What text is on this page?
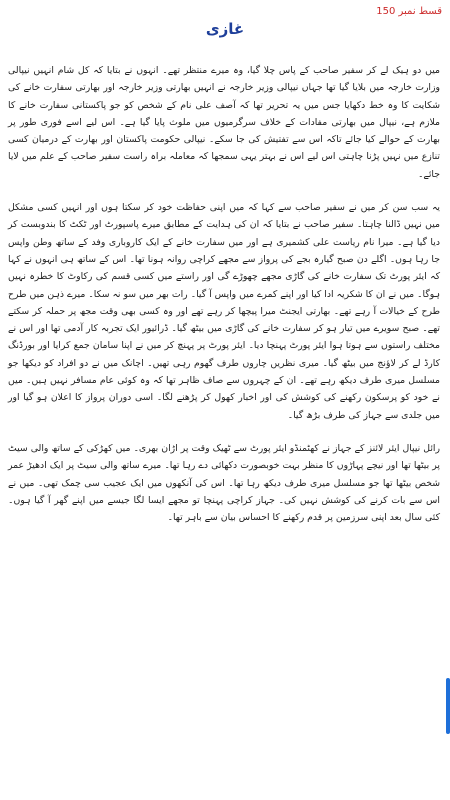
قسط نمبر 150
غازی

میں دو ہیک لے کر سفیر صاحب کے پاس چلا گیا، وہ میرے منتظر تھے۔ انہوں نے بتایا کہ کل شام انہیں نیپالی وزارت خارجہ میں بلایا گیا تھا جہاں نیپالی وزیر خارجہ نے انہیں بھارتی وزیر خارجہ اور بھارتی سفارت خانے کی شکایت کا وہ خط دکھایا جس میں یہ تحریر تھا کہ آصف علی نام کے شخص کو جو پاکستانی سفارت خانے کا ملازم ہے، نیپال میں بھارتی مفادات کے خلاف سرگرمیوں میں ملوث پایا گیا ہے۔ اس لیے اسے فوری طور پر بھارت کے حوالے کیا جائے تاکہ اس سے تفتیش کی جا سکے۔ نیپالی حکومت پاکستان اور بھارت کے درمیان کسی تنازع میں نہیں پڑنا چاہتی اس لیے اس نے بہتر یہی سمجھا کہ معاملہ براہ راست سفیر صاحب کے علم میں لایا جائے۔

یہ سب سن کر میں نے سفیر صاحب سے کہا کہ میں اپنی حفاظت خود کر سکتا ہوں اور انہیں کسی مشکل میں نہیں ڈالنا چاہتا۔ سفیر صاحب نے بتایا کہ ان کی ہدایت کے مطابق میرے پاسپورٹ اور ٹکٹ کا بندوبست کر دیا گیا ہے۔ میرا نام ریاست علی کشمیری ہے اور میں سفارت خانے کے ایک کاروباری وفد کے ساتھ وطن واپس جا رہا ہوں۔ اگلے دن صبح گیارہ بجے کی پرواز سے مجھے کراچی روانہ ہونا تھا۔ اس کے ساتھ ہی انہوں نے کہا کہ ایئر پورٹ تک سفارت خانے کی گاڑی مجھے چھوڑے گی اور راستے میں کسی قسم کی رکاوٹ کا خطرہ نہیں ہوگا۔ میں نے ان کا شکریہ ادا کیا اور اپنے کمرے میں واپس آ گیا۔ رات بھر میں سو نہ سکا۔ میرے ذہن میں طرح طرح کے خیالات آ رہے تھے۔ بھارتی ایجنٹ میرا پیچھا کر رہے تھے اور وہ کسی بھی وقت مجھ پر حملہ کر سکتے تھے۔ صبح سویرے میں تیار ہو کر سفارت خانے کی گاڑی میں بیٹھ گیا۔ ڈرائیور ایک تجربہ کار آدمی تھا اور اس نے مختلف راستوں سے ہوتا ہوا ایئر پورٹ پہنچا دیا۔ ایئر پورٹ پر پہنچ کر میں نے اپنا سامان جمع کرایا اور بورڈنگ کارڈ لے کر لاؤنج میں بیٹھ گیا۔ میری نظریں چاروں طرف گھوم رہی تھیں۔ اچانک میں نے دو افراد کو دیکھا جو مسلسل میری طرف دیکھ رہے تھے۔ ان کے چہروں سے صاف ظاہر تھا کہ وہ کوئی عام مسافر نہیں ہیں۔ میں نے خود کو پرسکون رکھنے کی کوشش کی اور اخبار کھول کر پڑھنے لگا۔ اسی دوران پرواز کا اعلان ہو گیا اور میں جلدی سے جہاز کی طرف بڑھ گیا۔

رائل نیپال ایئر لائنز کے جہاز نے کھٹمنڈو ایئر پورٹ سے ٹھیک وقت پر اڑان بھری۔ میں کھڑکی کے ساتھ والی سیٹ پر بیٹھا تھا اور نیچے پہاڑوں کا منظر بہت خوبصورت دکھائی دے رہا تھا۔ میرے ساتھ والی سیٹ پر ایک ادھیڑ عمر شخص بیٹھا تھا جو مسلسل میری طرف دیکھ رہا تھا۔ اس کی آنکھوں میں ایک عجیب سی چمک تھی۔ میں نے اس سے بات کرنے کی کوشش نہیں کی۔ جہاز کراچی پہنچا تو مجھے ایسا لگا جیسے میں اپنے گھر آ گیا ہوں۔ کئی سال بعد اپنی سرزمین پر قدم رکھنے کا احساس بیان سے باہر تھا۔
